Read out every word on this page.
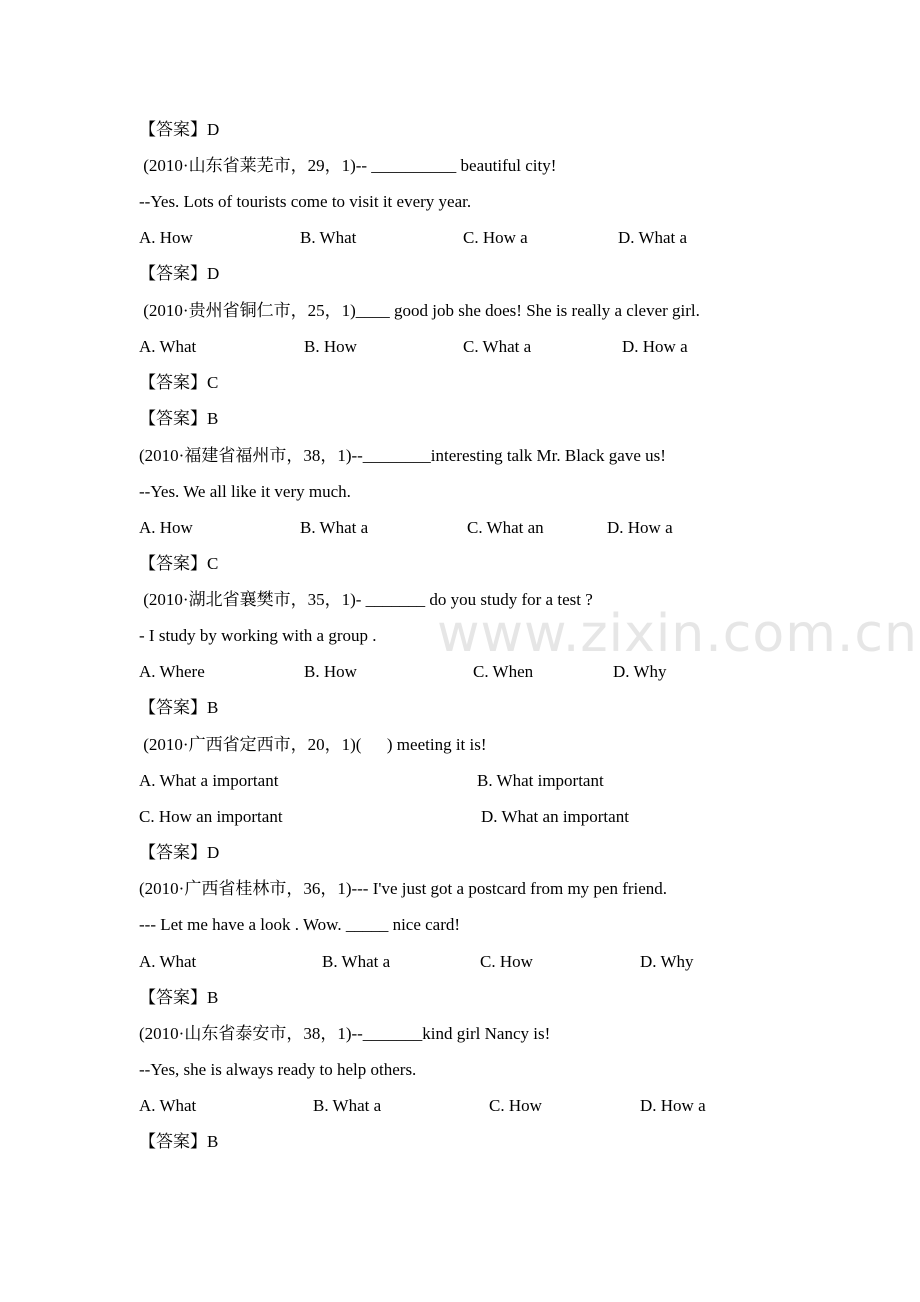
www.zixin.com.cn
【答案】D
(2010·山东省莱芜市，29，1)-- __________ beautiful city!
--Yes. Lots of tourists come to visit it every year.
A. How	B. What	C. How a	D. What a
【答案】D
(2010·贵州省铜仁市，25，1)____ good job she does! She is really a clever girl.
A. What	B. How	C. What a	D. How a
【答案】C
【答案】B
(2010·福建省福州市，38，1)--________interesting talk Mr. Black gave us!
--Yes. We all like it very much.
A. How	B. What a	C. What an	D. How a
【答案】C
(2010·湖北省襄樊市，35，1)- _______ do you study for a test ?
- I study by working with a group .
A. Where	B. How	C. When	D. Why
【答案】B
(2010·广西省定西市，20，1)(      ) meeting it is!
A. What a important	B. What important
C. How an important	D. What an important
【答案】D
(2010·广西省桂林市，36，1)--- I've just got a postcard from my pen friend.
--- Let me have a look . Wow. _____ nice card!
A. What	B. What a	C. How	D. Why
【答案】B
(2010·山东省泰安市，38，1)--_______kind girl Nancy is!
--Yes, she is always ready to help others.
A. What	B. What a	C. How	D. How a
【答案】B
